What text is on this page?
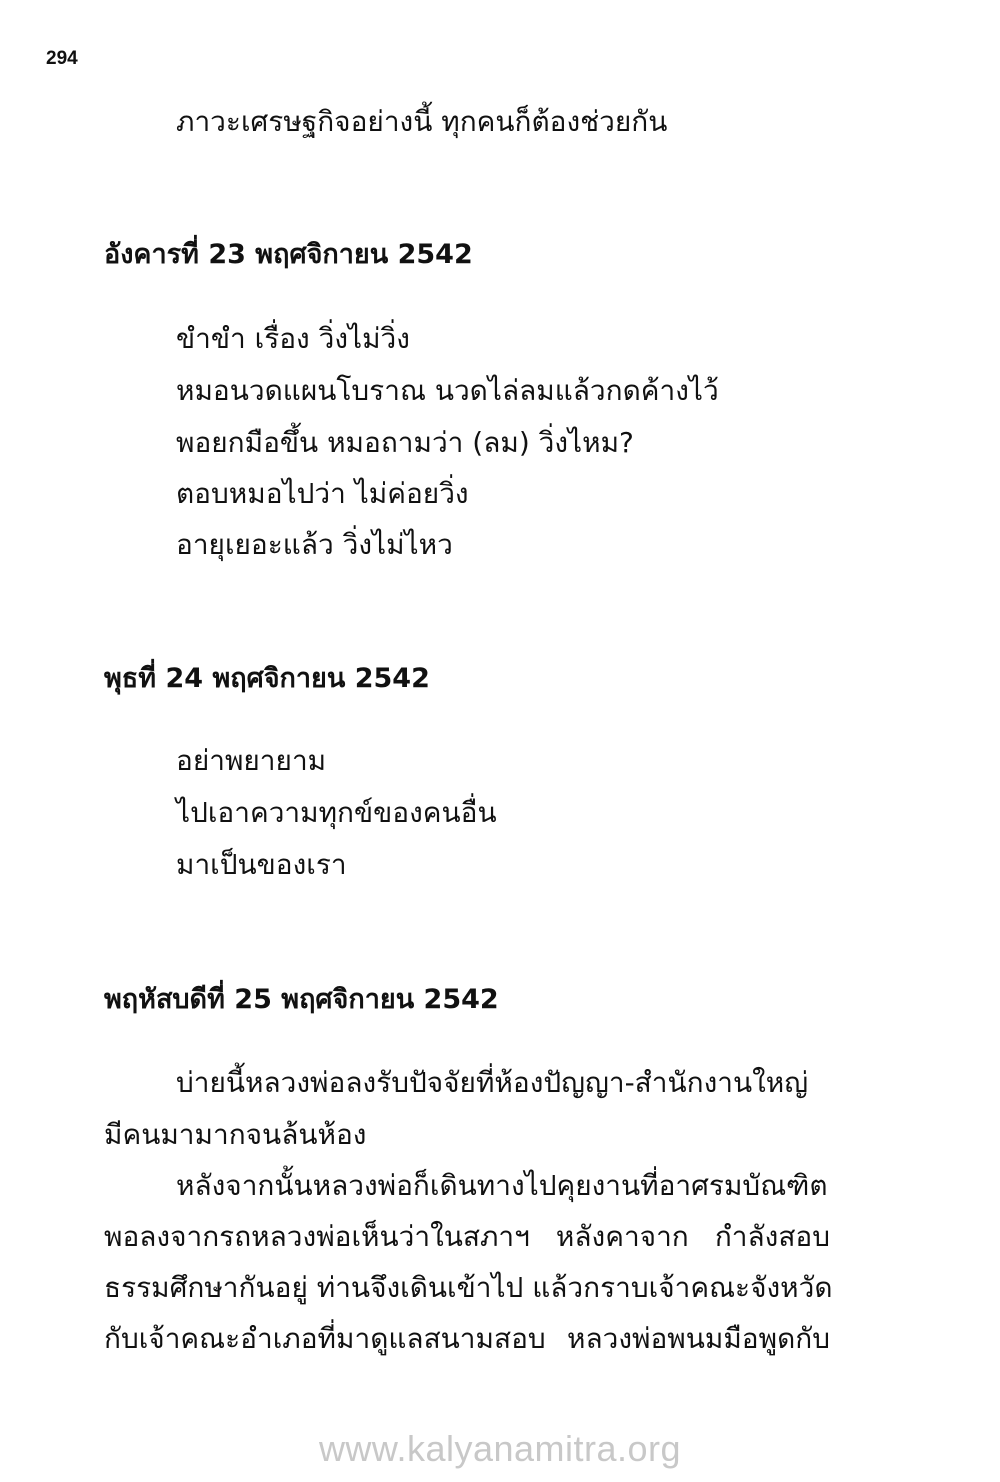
294
ภาวะเศรษฐกิจอย่างนี้ ทุกคนก็ต้องช่วยกัน
อังคารที่ 23 พฤศจิกายน 2542
ขำขำ เรื่อง วิ่งไม่วิ่ง
หมอนวดแผนโบราณ นวดไล่ลมแล้วกดค้างไว้
พอยกมือขึ้น หมอถามว่า (ลม) วิ่งไหม?
ตอบหมอไปว่า ไม่ค่อยวิ่ง
อายุเยอะแล้ว วิ่งไม่ไหว
พุธที่ 24 พฤศจิกายน 2542
อย่าพยายาม
ไปเอาความทุกข์ของคนอื่น
มาเป็นของเรา
พฤหัสบดีที่ 25 พฤศจิกายน 2542
บ่ายนี้หลวงพ่อลงรับปัจจัยที่ห้องปัญญา-สำนักงานใหญ่
มีคนมามากจนล้นห้อง
หลังจากนั้นหลวงพ่อก็เดินทางไปคุยงานที่อาศรมบัณฑิต
พอลงจากรถหลวงพ่อเห็นว่าในสภาฯ หลังคาจาก กำลังสอบ
ธรรมศึกษากันอยู่ ท่านจึงเดินเข้าไป แล้วกราบเจ้าคณะจังหวัด
กับเจ้าคณะอำเภอที่มาดูแลสนามสอบ หลวงพ่อพนมมือพูดกับ
www.kalyanamitra.org
